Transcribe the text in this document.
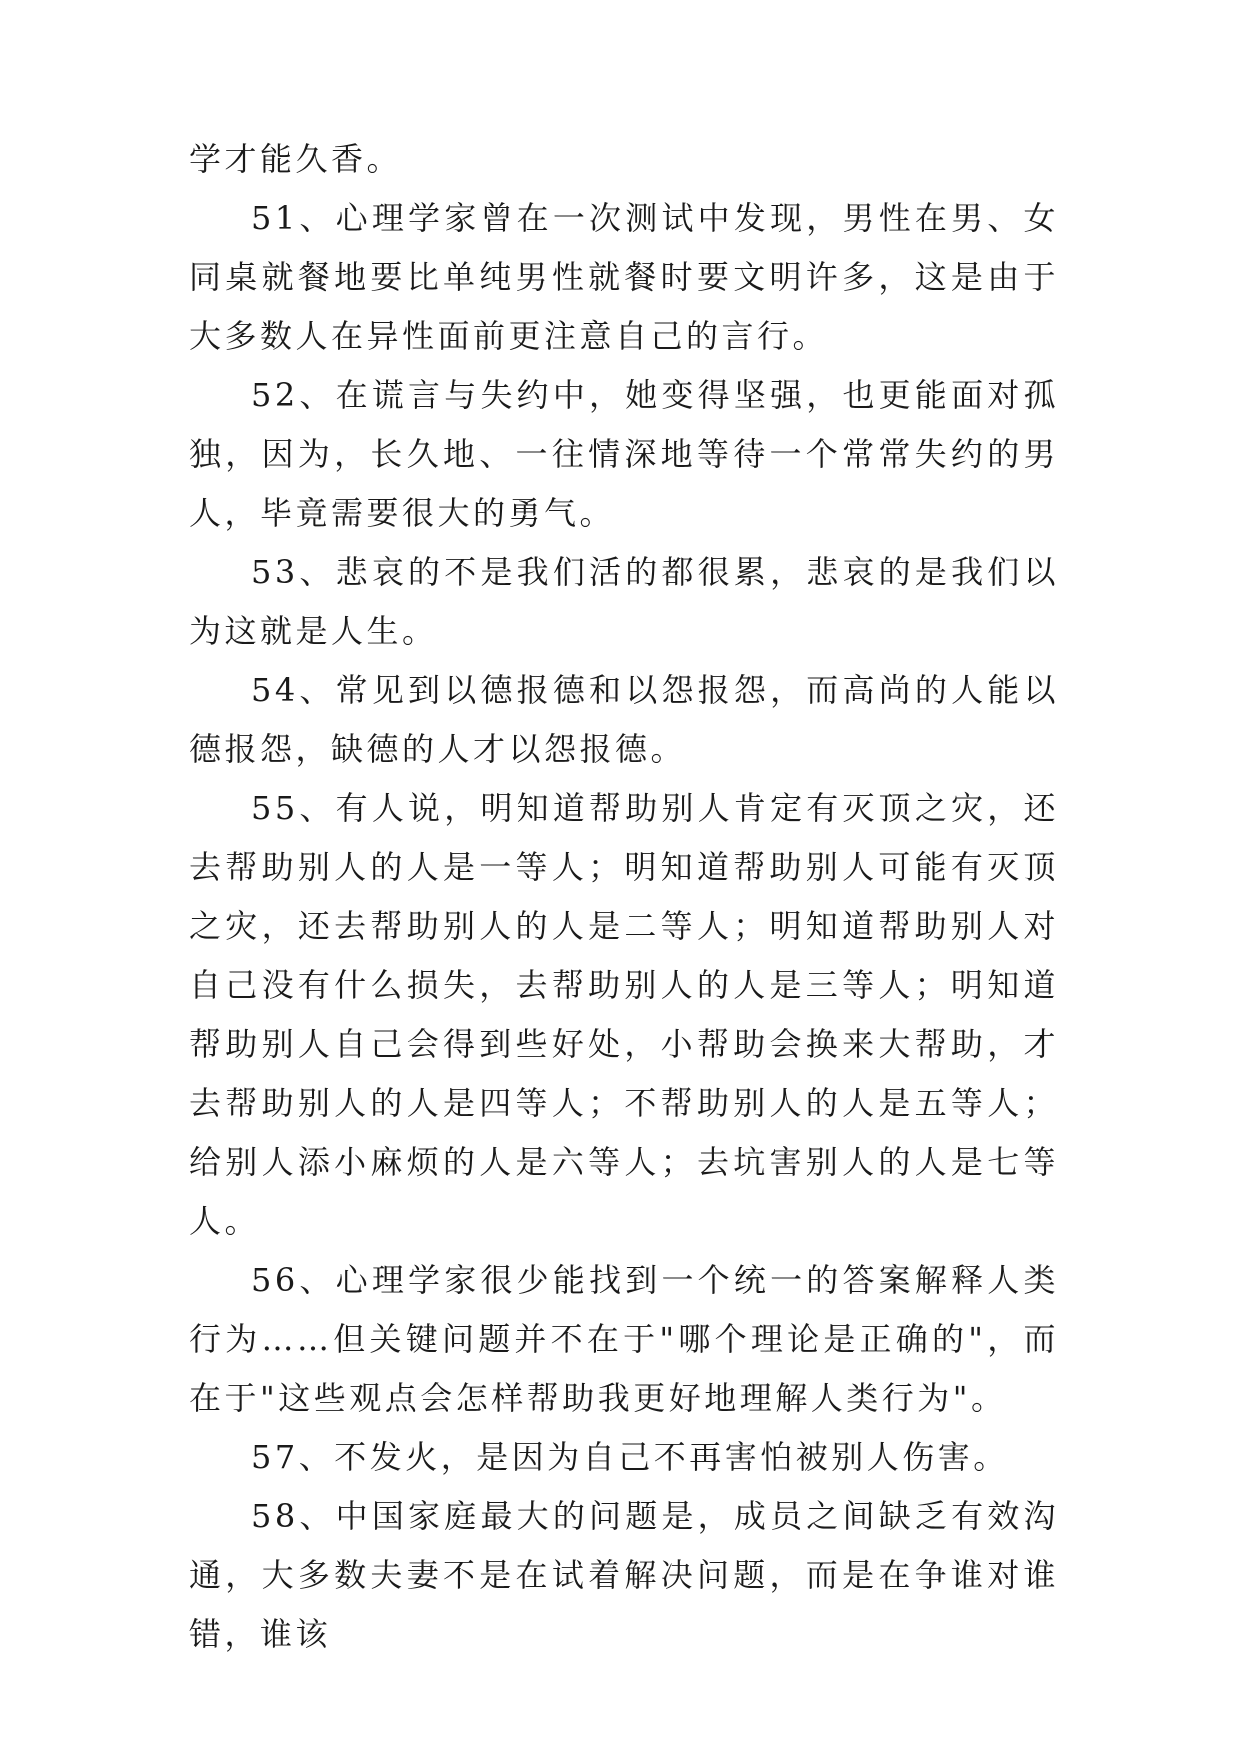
学才能久香。

51、心理学家曾在一次测试中发现，男性在男、女同桌就餐地要比单纯男性就餐时要文明许多，这是由于大多数人在异性面前更注意自己的言行。

52、在谎言与失约中，她变得坚强，也更能面对孤独，因为，长久地、一往情深地等待一个常常失约的男人，毕竟需要很大的勇气。

53、悲哀的不是我们活的都很累，悲哀的是我们以为这就是人生。

54、常见到以德报德和以怨报怨，而高尚的人能以德报怨，缺德的人才以怨报德。

55、有人说，明知道帮助别人肯定有灭顶之灾，还去帮助别人的人是一等人；明知道帮助别人可能有灭顶之灾，还去帮助别人的人是二等人；明知道帮助别人对自己没有什么损失，去帮助别人的人是三等人；明知道帮助别人自己会得到些好处，小帮助会换来大帮助，才去帮助别人的人是四等人；不帮助别人的人是五等人；给别人添小麻烦的人是六等人；去坑害别人的人是七等人。

56、心理学家很少能找到一个统一的答案解释人类行为……但关键问题并不在于"哪个理论是正确的"，而在于"这些观点会怎样帮助我更好地理解人类行为"。

57、不发火，是因为自己不再害怕被别人伤害。

58、中国家庭最大的问题是，成员之间缺乏有效沟通，大多数夫妻不是在试着解决问题，而是在争谁对谁错，谁该
